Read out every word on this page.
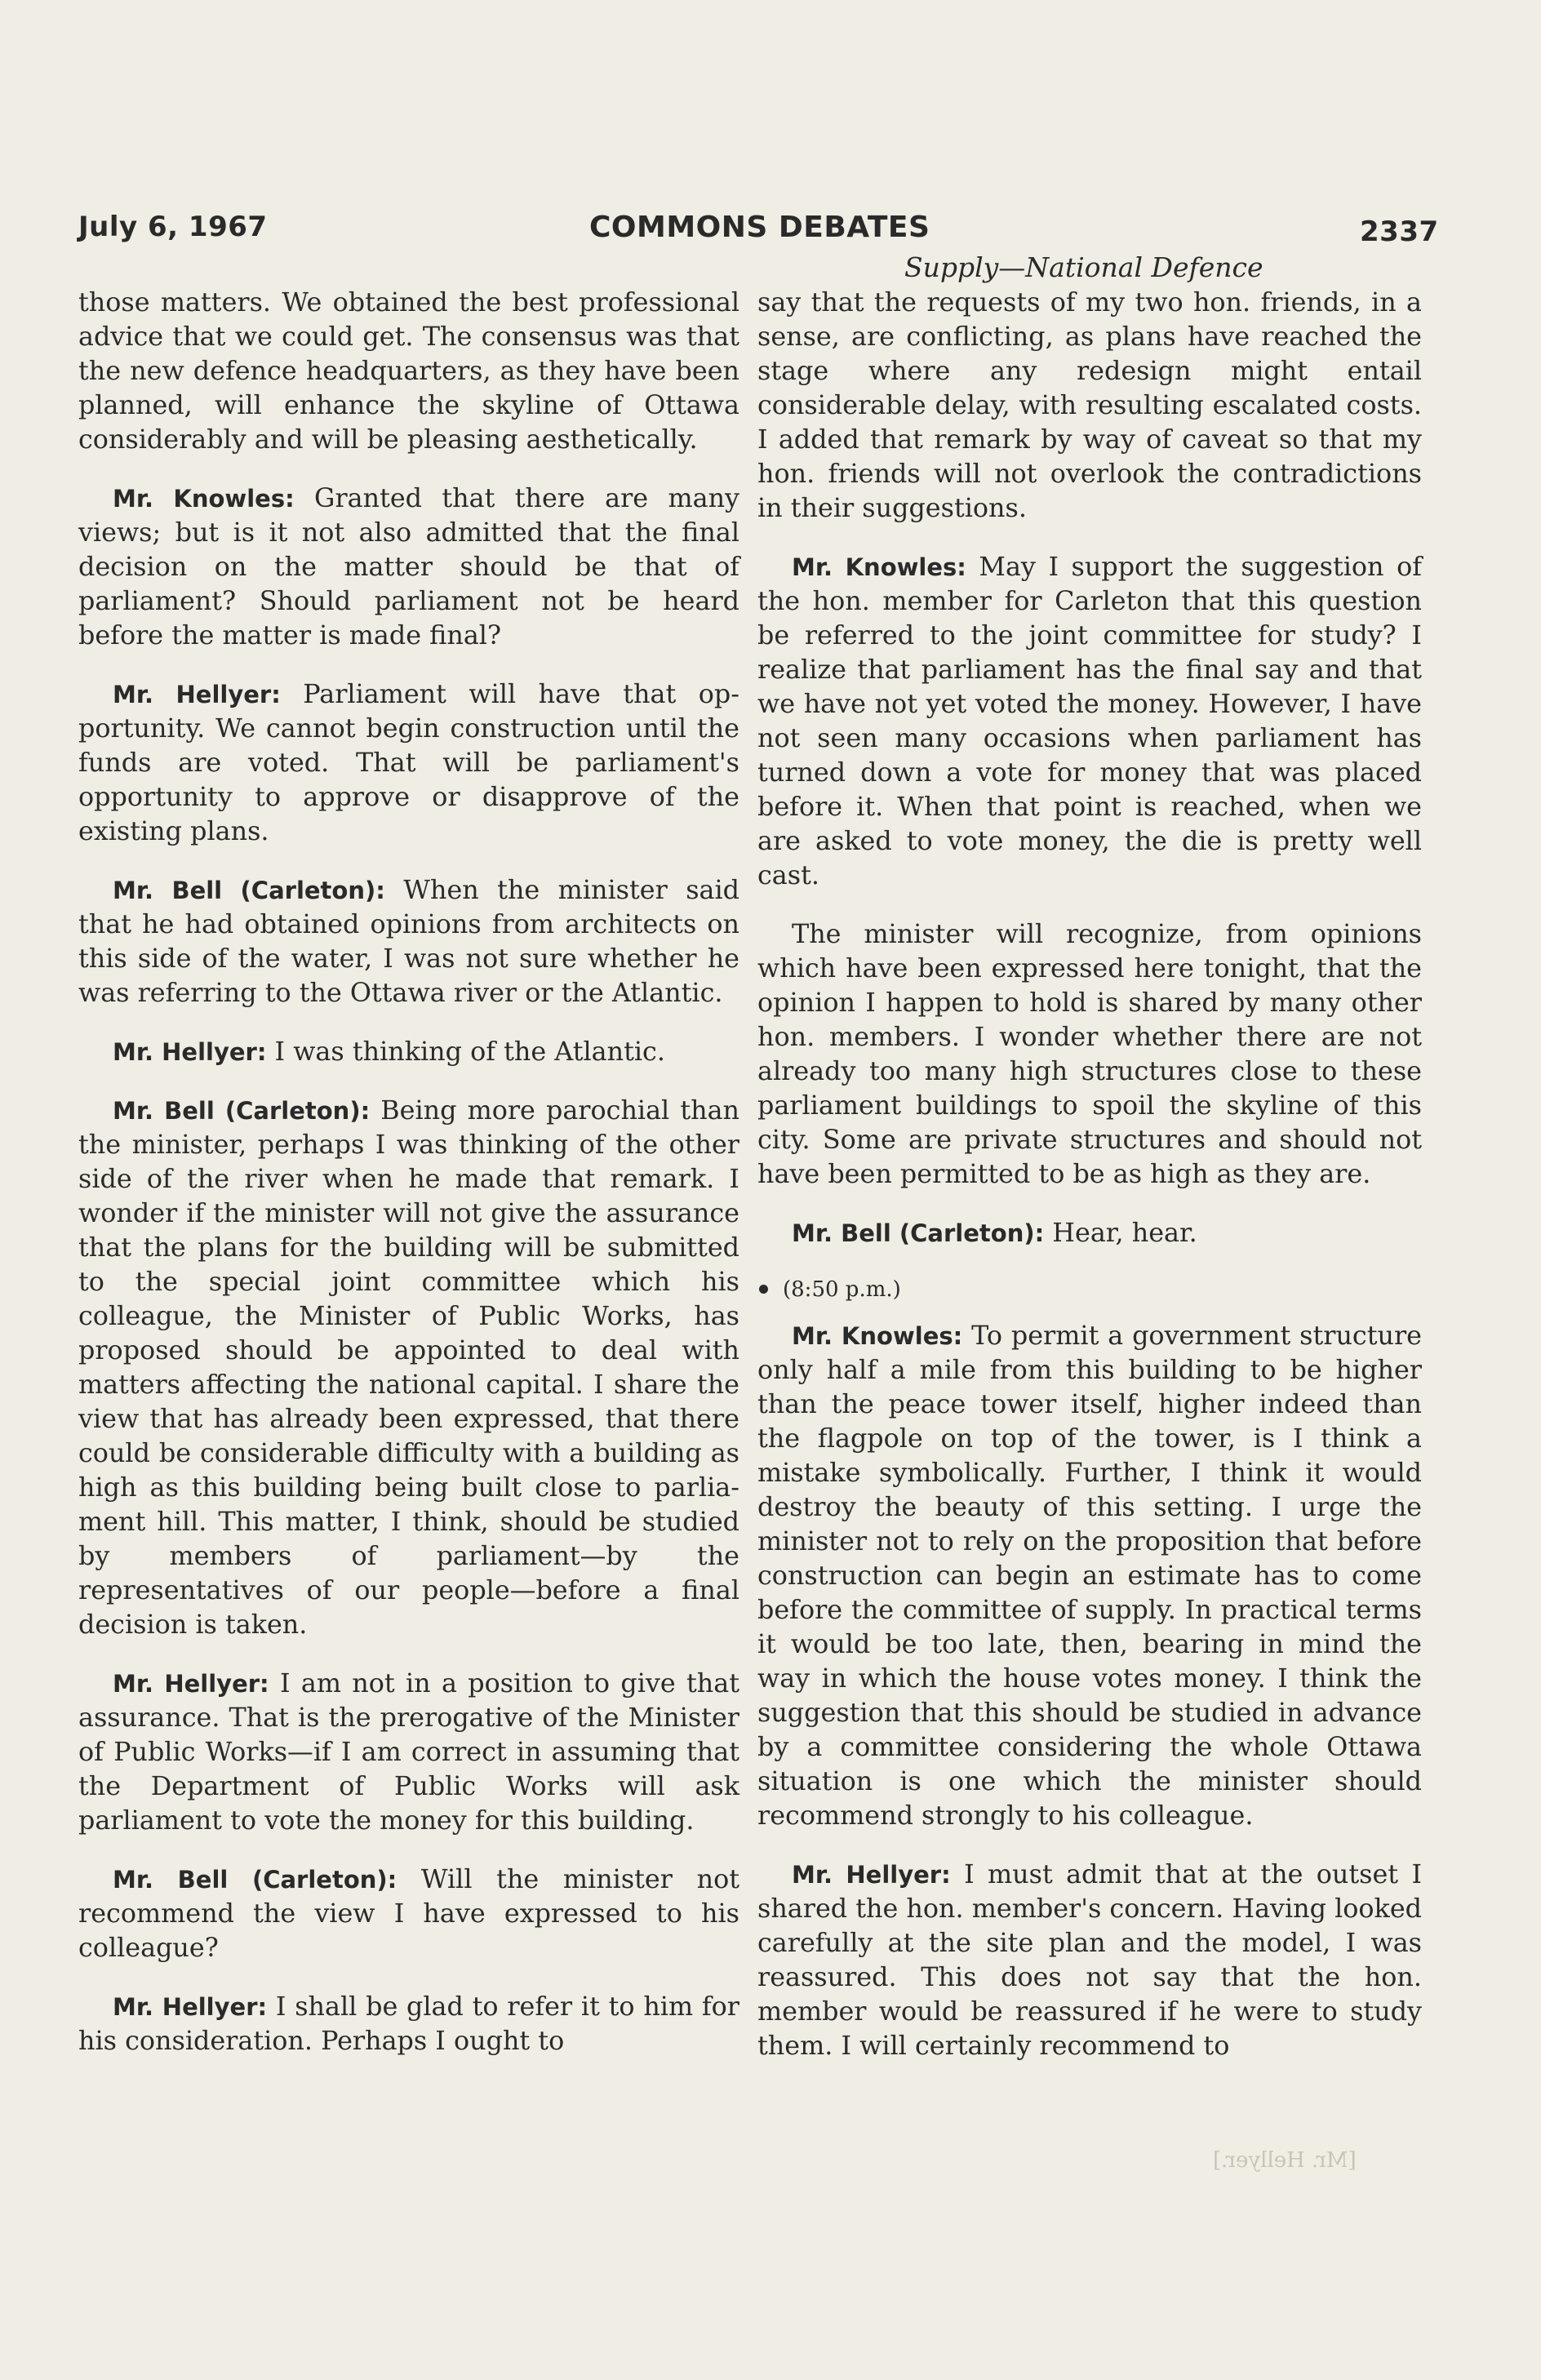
July 6, 1967	COMMONS DEBATES	2337
Supply—National Defence

those matters. We obtained the best professional advice that we could get. The consensus was that the new defence headquarters, as they have been planned, will enhance the skyline of Ottawa considerably and will be pleasing aesthetically.

Mr. Knowles: Granted that there are many views; but is it not also admitted that the final decision on the matter should be that of parliament? Should parliament not be heard before the matter is made final?

Mr. Hellyer: Parliament will have that opportunity. We cannot begin construction until the funds are voted. That will be parliament's opportunity to approve or disapprove of the existing plans.

Mr. Bell (Carleton): When the minister said that he had obtained opinions from architects on this side of the water, I was not sure whether he was referring to the Ottawa river or the Atlantic.

Mr. Hellyer: I was thinking of the Atlantic.

Mr. Bell (Carleton): Being more parochial than the minister, perhaps I was thinking of the other side of the river when he made that remark. I wonder if the minister will not give the assurance that the plans for the building will be submitted to the special joint committee which his colleague, the Minister of Public Works, has proposed should be appointed to deal with matters affecting the national capital. I share the view that has already been expressed, that there could be considerable difficulty with a building as high as this building being built close to parliament hill. This matter, I think, should be studied by members of parliament—by the representatives of our people—before a final decision is taken.

Mr. Hellyer: I am not in a position to give that assurance. That is the prerogative of the Minister of Public Works—if I am correct in assuming that the Department of Public Works will ask parliament to vote the money for this building.

Mr. Bell (Carleton): Will the minister not recommend the view I have expressed to his colleague?

Mr. Hellyer: I shall be glad to refer it to him for his consideration. Perhaps I ought to

say that the requests of my two hon. friends, in a sense, are conflicting, as plans have reached the stage where any redesign might entail considerable delay, with resulting escalated costs. I added that remark by way of caveat so that my hon. friends will not overlook the contradictions in their suggestions.

Mr. Knowles: May I support the suggestion of the hon. member for Carleton that this question be referred to the joint committee for study? I realize that parliament has the final say and that we have not yet voted the money. However, I have not seen many occasions when parliament has turned down a vote for money that was placed before it. When that point is reached, when we are asked to vote money, the die is pretty well cast.

The minister will recognize, from opinions which have been expressed here tonight, that the opinion I happen to hold is shared by many other hon. members. I wonder whether there are not already too many high structures close to these parliament buildings to spoil the skyline of this city. Some are private structures and should not have been permitted to be as high as they are.

Mr. Bell (Carleton): Hear, hear.

(8:50 p.m.)

Mr. Knowles: To permit a government structure only half a mile from this building to be higher than the peace tower itself, higher indeed than the flagpole on top of the tower, is I think a mistake symbolically. Further, I think it would destroy the beauty of this setting. I urge the minister not to rely on the proposition that before construction can begin an estimate has to come before the committee of supply. In practical terms it would be too late, then, bearing in mind the way in which the house votes money. I think the suggestion that this should be studied in advance by a committee considering the whole Ottawa situation is one which the minister should recommend strongly to his colleague.

Mr. Hellyer: I must admit that at the outset I shared the hon. member's concern. Having looked carefully at the site plan and the model, I was reassured. This does not say that the hon. member would be reassured if he were to study them. I will certainly recommend to

[Mr. Hellyer.]
